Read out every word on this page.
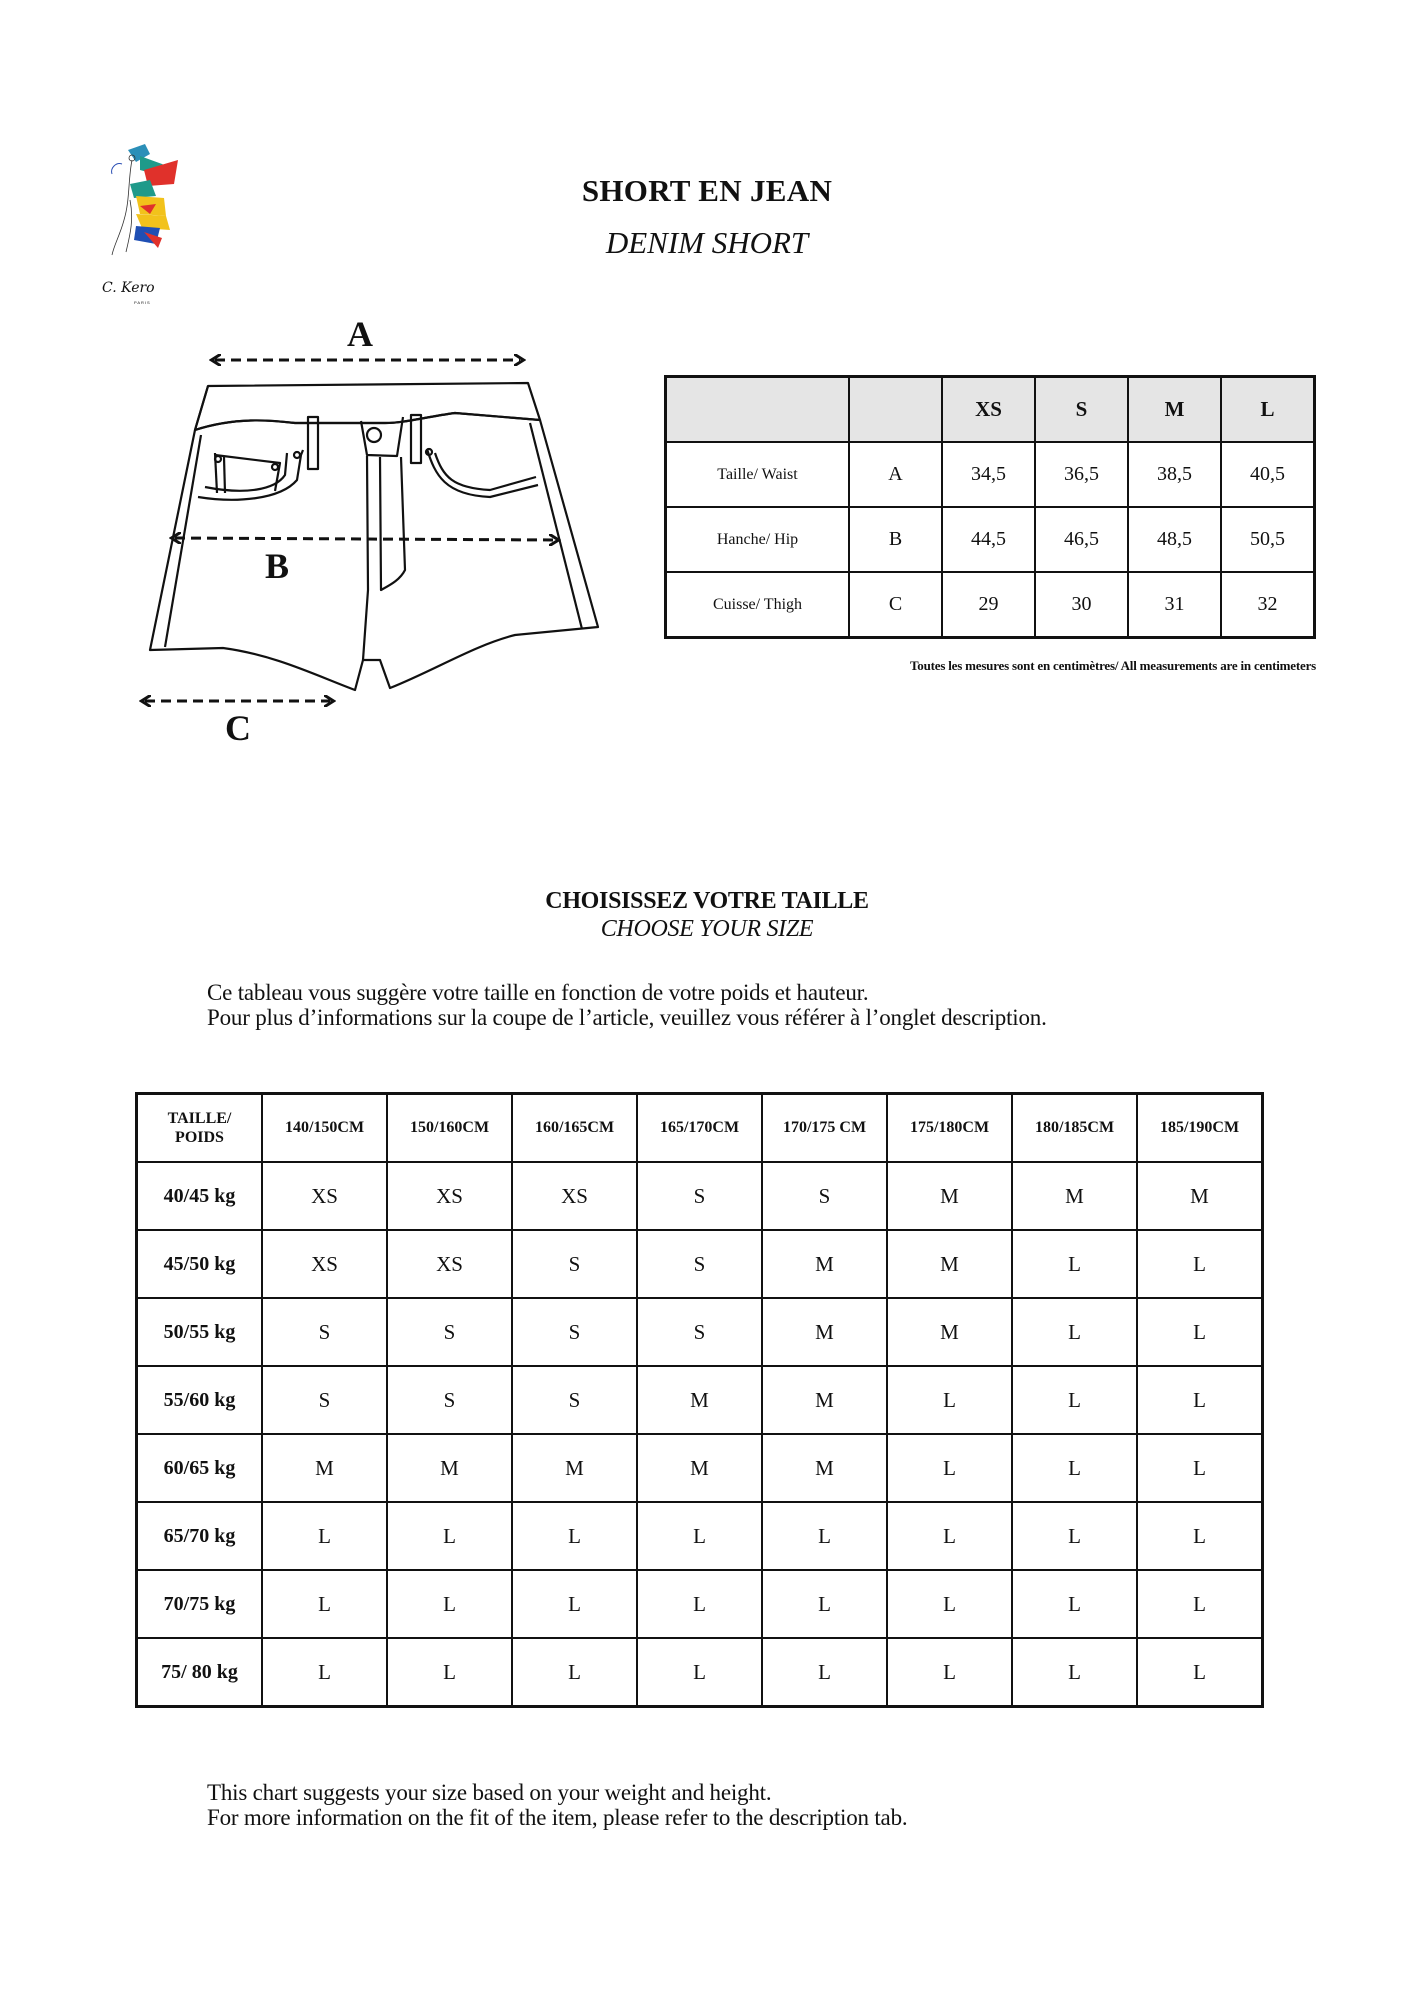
C. Kero
PARIS
SHORT EN JEAN
DENIM SHORT
A
B
C
		XS	S	M	L
Taille/ Waist	A	34,5	36,5	38,5	40,5
Hanche/ Hip	B	44,5	46,5	48,5	50,5
Cuisse/ Thigh	C	29	30	31	32
Toutes les mesures sont en centimètres/ All measurements are in centimeters
CHOISISSEZ VOTRE TAILLE
CHOOSE YOUR SIZE
Ce tableau vous suggère votre taille en fonction de votre poids et hauteur.
Pour plus d’informations sur la coupe de l’article, veuillez vous référer à l’onglet description.
TAILLE/
POIDS	140/150CM	150/160CM	160/165CM	165/170CM	170/175 CM	175/180CM	180/185CM	185/190CM
40/45 kg	XS	XS	XS	S	S	M	M	M
45/50 kg	XS	XS	S	S	M	M	L	L
50/55 kg	S	S	S	S	M	M	L	L
55/60 kg	S	S	S	M	M	L	L	L
60/65 kg	M	M	M	M	M	L	L	L
65/70 kg	L	L	L	L	L	L	L	L
70/75 kg	L	L	L	L	L	L	L	L
75/ 80 kg	L	L	L	L	L	L	L	L
This chart suggests your size based on your weight and height.
For more information on the fit of the item, please refer to the description tab.
